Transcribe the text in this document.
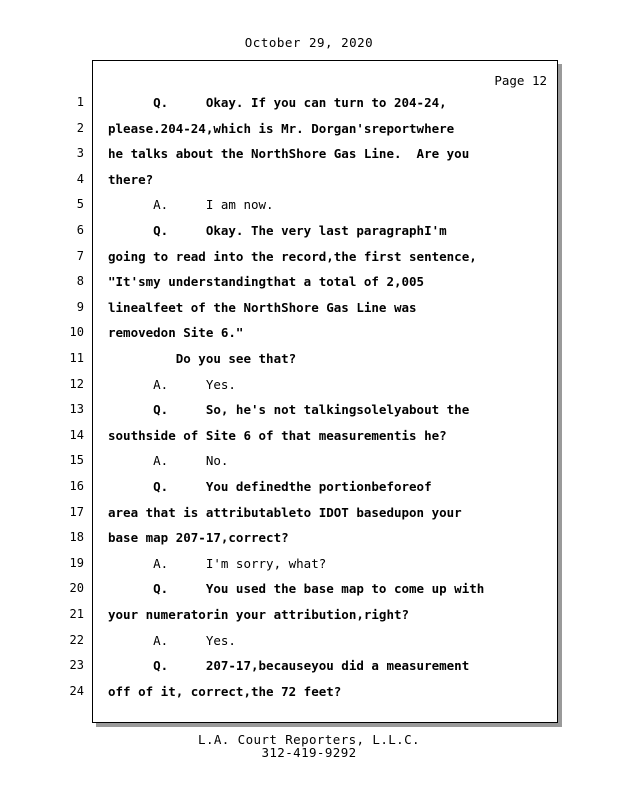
October 29, 2020
Page 12
1 Q.     Okay. If you can turn to 204-24,
2 please.204-24,which is Mr. Dorgan'sreportwhere
3 he talks about the NorthShore Gas Line.  Are you
4 there?
5 A.     I am now.
6 Q.     Okay. The very last paragraphI'm
7 going to read into the record,the first sentence,
8 "It'smy understandingthat a total of 2,005
9 linealfeet of the NorthShore Gas Line was
10 removedon Site 6."
11 Do you see that?
12 A.     Yes.
13 Q.     So, he's not talkingsolelyabout the
14 southside of Site 6 of that measurementis he?
15 A.     No.
16 Q.     You definedthe portionbeforeof
17 area that is attributableto IDOT basedupon your
18 base map 207-17,correct?
19 A.     I'm sorry, what?
20 Q.     You used the base map to come up with
21 your numeratorin your attribution,right?
22 A.     Yes.
23 Q.     207-17,becauseyou did a measurement
24 off of it, correct,the 72 feet?
L.A. Court Reporters, L.L.C.
312-419-9292
